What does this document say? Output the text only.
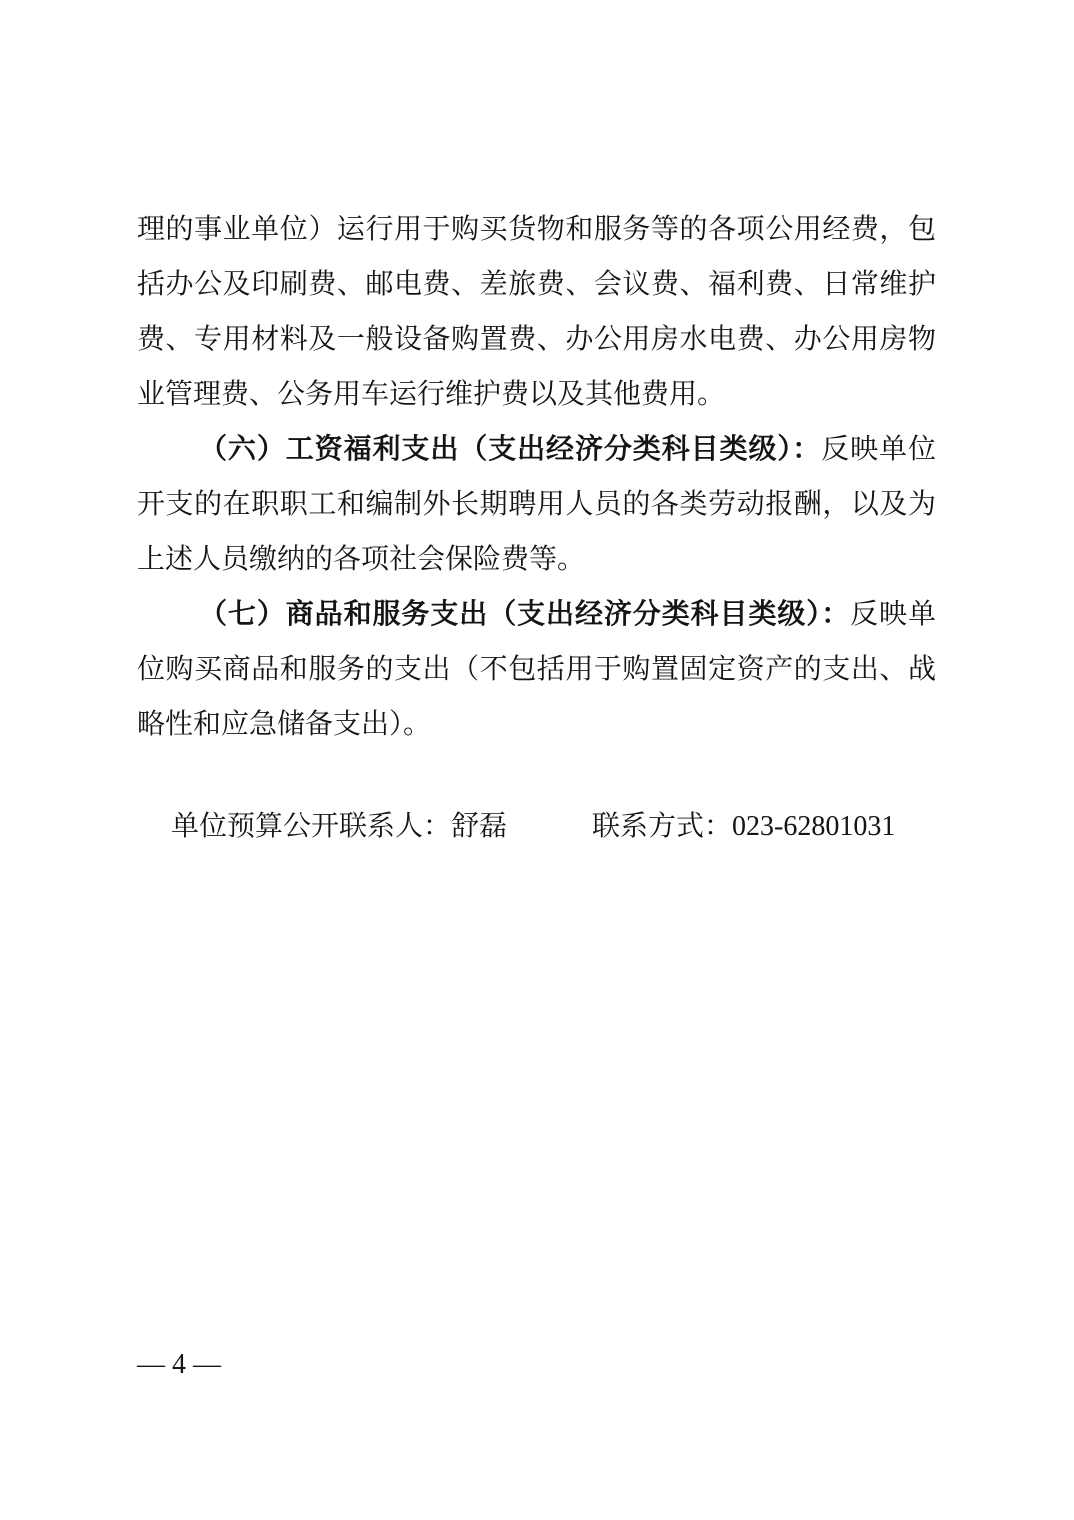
理的事业单位）运行用于购买货物和服务等的各项公用经费，包
括办公及印刷费、邮电费、差旅费、会议费、福利费、日常维护
费、专用材料及一般设备购置费、办公用房水电费、办公用房物
业管理费、公务用车运行维护费以及其他费用。
（六）工资福利支出（支出经济分类科目类级）：反映单位
开支的在职职工和编制外长期聘用人员的各类劳动报酬，以及为
上述人员缴纳的各项社会保险费等。
（七）商品和服务支出（支出经济分类科目类级）：反映单
位购买商品和服务的支出（不包括用于购置固定资产的支出、战
略性和应急储备支出）。
单位预算公开联系人：舒磊	联系方式：023-62801031
— 4 —
